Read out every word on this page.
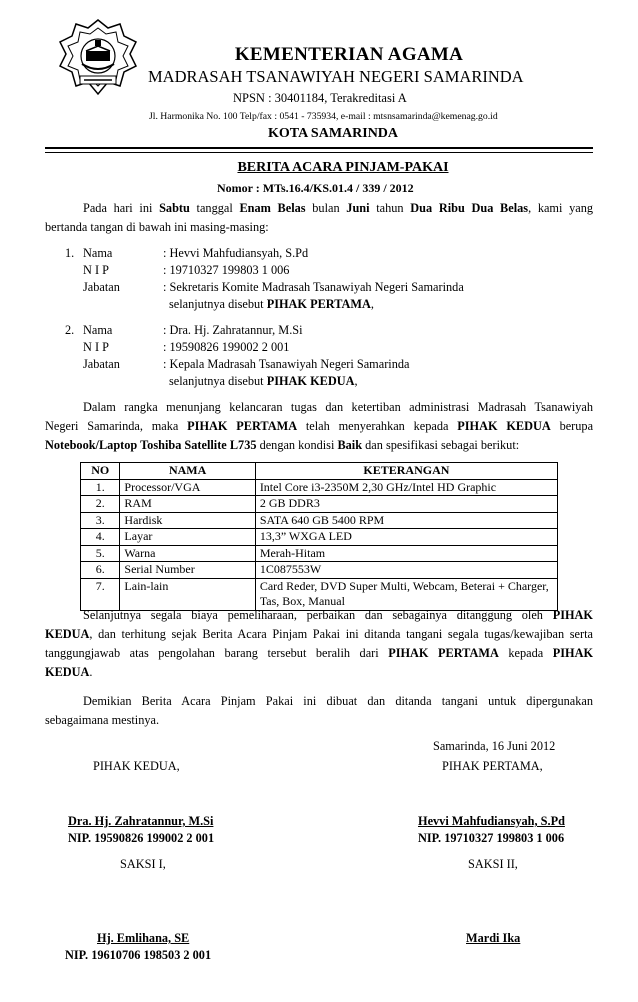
KEMENTERIAN AGAMA
MADRASAH TSANAWIYAH NEGERI SAMARINDA
NPSN : 30401184, Terakreditasi A
Jl. Harmonika No. 100 Telp/fax : 0541 - 735934, e-mail : mtsnsamarinda@kemenag.go.id
KOTA SAMARINDA
BERITA ACARA PINJAM-PAKAI
Nomor : MTs.16.4/KS.01.4 / 339 / 2012
Pada hari ini Sabtu tanggal Enam Belas bulan Juni tahun Dua Ribu Dua Belas, kami yang
bertanda tangan di bawah ini masing-masing:
1. Nama	: Hevvi Mahfudiansyah, S.Pd
N I P	: 19710327 199803 1 006
Jabatan	: Sekretaris Komite Madrasah Tsanawiyah Negeri Samarinda
selanjutnya disebut PIHAK PERTAMA,
2. Nama	: Dra. Hj. Zahratannur, M.Si
N I P	: 19590826 199002 2 001
Jabatan	: Kepala Madrasah Tsanawiyah Negeri Samarinda
selanjutnya disebut PIHAK KEDUA,
Dalam rangka menunjang kelancaran tugas dan ketertiban administrasi Madrasah Tsanawiyah
Negeri Samarinda, maka PIHAK PERTAMA telah menyerahkan kepada PIHAK KEDUA berupa
Notebook/Laptop Toshiba Satellite L735 dengan kondisi Baik dan spesifikasi sebagai berikut:
NO	NAMA	KETERANGAN
1.	Processor/VGA	Intel Core i3-2350M 2,30 GHz/Intel HD Graphic
2.	RAM	2 GB DDR3
3.	Hardisk	SATA 640 GB 5400 RPM
4.	Layar	13,3” WXGA LED
5.	Warna	Merah-Hitam
6.	Serial Number	1C087553W
7.	Lain-lain	Card Reder, DVD Super Multi, Webcam, Beterai + Charger, Tas, Box, Manual
Selanjutnya segala biaya pemeliharaan, perbaikan dan sebagainya ditanggung oleh PIHAK
KEDUA, dan terhitung sejak Berita Acara Pinjam Pakai ini ditanda tangani segala tugas/kewajiban serta
tanggungjawab atas pengolahan barang tersebut beralih dari PIHAK PERTAMA kepada PIHAK
KEDUA.
Demikian Berita Acara Pinjam Pakai ini dibuat dan ditanda tangani untuk dipergunakan
sebagaimana mestinya.
Samarinda, 16 Juni 2012
PIHAK KEDUA,	PIHAK PERTAMA,
Dra. Hj. Zahratannur, M.Si
NIP. 19590826 199002 2 001
Hevvi Mahfudiansyah, S.Pd
NIP. 19710327 199803 1 006
SAKSI I,	SAKSI II,
Hj. Emlihana, SE
NIP. 19610706 198503 2 001
Mardi Ika
